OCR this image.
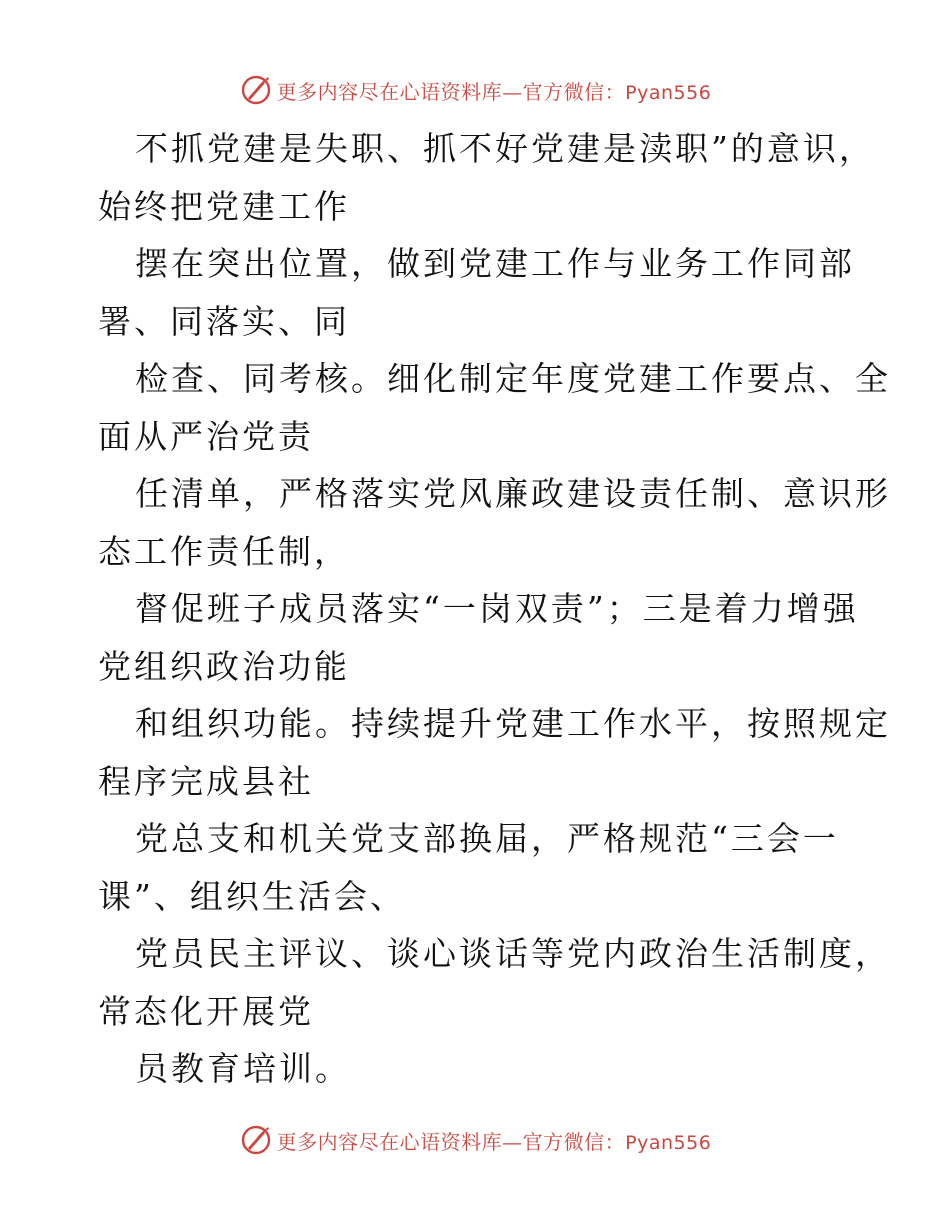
更多内容尽在心语资料库—官方微信：Pyan556
不抓党建是失职、抓不好党建是渎职”的意识，
始终把党建工作
摆在突出位置，做到党建工作与业务工作同部
署、同落实、同
检查、同考核。细化制定年度党建工作要点、全
面从严治党责
任清单，严格落实党风廉政建设责任制、意识形
态工作责任制，
督促班子成员落实“一岗双责”；三是着力增强
党组织政治功能
和组织功能。持续提升党建工作水平，按照规定
程序完成县社
党总支和机关党支部换届，严格规范“三会一
课”、组织生活会、
党员民主评议、谈心谈话等党内政治生活制度，
常态化开展党
员教育培训。
更多内容尽在心语资料库—官方微信：Pyan556
